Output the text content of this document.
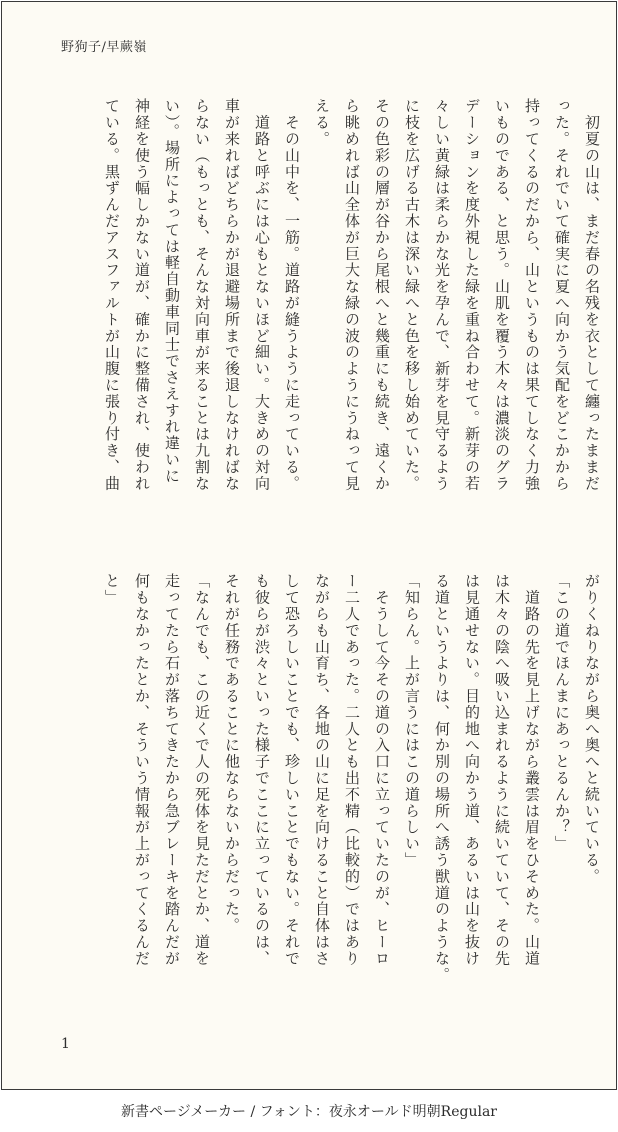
野狗子/早蕨嶺
　初夏の山は、まだ春の名残を衣として纏ったままだ
った。それでいて確実に夏へ向かう気配をどこかから
持ってくるのだから、山というものは果てしなく力強
いものである、と思う。山肌を覆う木々は濃淡のグラ
デーションを度外視した緑を重ね合わせて。新芽の若
々しい黄緑は柔らかな光を孕んで、新芽を見守るよう
に枝を広げる古木は深い緑へと色を移し始めていた。
その色彩の層が谷から尾根へと幾重にも続き、遠くか
ら眺めれば山全体が巨大な緑の波のようにうねって見
える。
　その山中を、一筋。道路が縫うように走っている。
　道路と呼ぶには心もとないほど細い。大きめの対向
車が来ればどちらかが退避場所まで後退しなければな
らない（もっとも、そんな対向車が来ることは九割な
い）。場所によっては軽自動車同士でさえすれ違いに
神経を使う幅しかない道が、確かに整備され、使われ
ている。黒ずんだアスファルトが山腹に張り付き、曲
がりくねりながら奥へ奥へと続いている。
「この道でほんまにあっとるんか？」
　道路の先を見上げながら叢雲は眉をひそめた。山道
は木々の陰へ吸い込まれるように続いていて、その先
は見通せない。目的地へ向かう道、あるいは山を抜け
る道というよりは、何か別の場所へ誘う獣道のような。
「知らん。上が言うにはこの道らしい」
　そうして今その道の入口に立っていたのが、ヒーロ
ー二人であった。二人とも出不精（比較的）ではあり
ながらも山育ち、各地の山に足を向けること自体はさ
して恐ろしいことでも、珍しいことでもない。それで
も彼らが渋々といった様子でここに立っているのは、
それが任務であることに他ならないからだった。
「なんでも、この近くで人の死体を見ただとか、道を
走ってたら石が落ちてきたから急ブレーキを踏んだが
何もなかったとか、そういう情報が上がってくるんだ
と」
1
新書ページメーカー / フォント：夜永オールド明朝Regular
